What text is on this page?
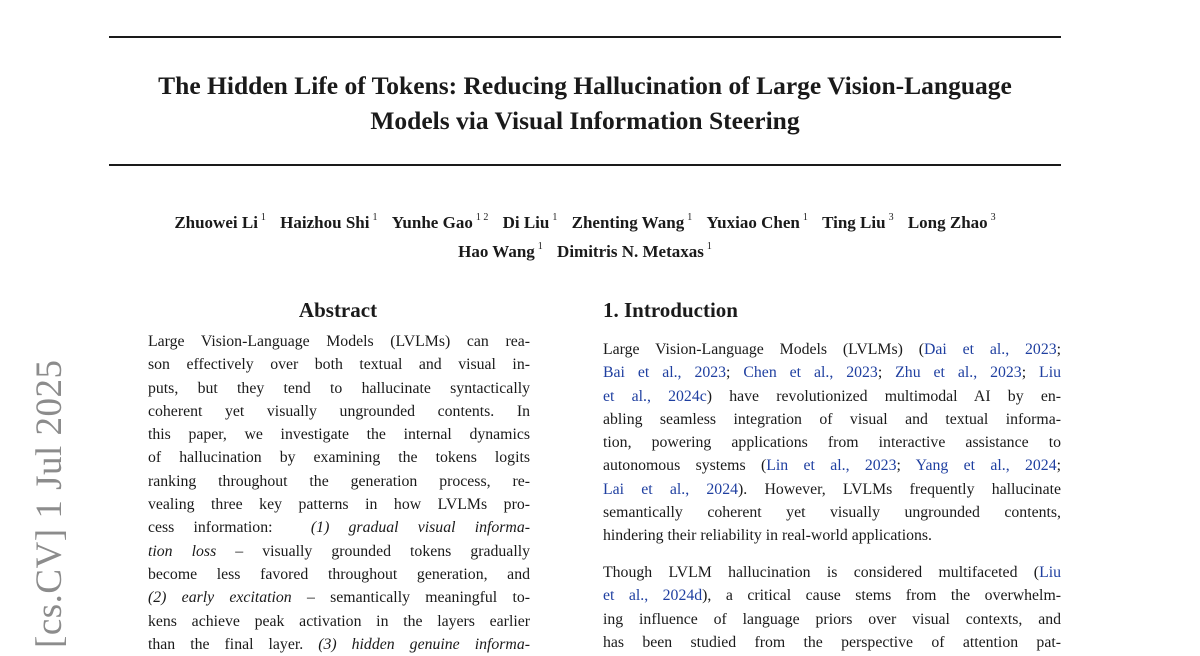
The Hidden Life of Tokens: Reducing Hallucination of Large Vision-Language
Models via Visual Information Steering
Zhuowei Li $^1$ Haizhou Shi $^1$ Yunhe Gao $^{1 2}$ Di Liu $^1$ Zhenting Wang $^1$ Yuxiao Chen $^1$ Ting Liu $^3$ Long Zhao $^3$
Hao Wang $^1$ Dimitris N. Metaxas $^1$
[cs.CV] 1 Jul 2025
Abstract
Large Vision-Language Models (LVLMs) can rea-
son effectively over both textual and visual in-
puts, but they tend to hallucinate syntactically
coherent yet visually ungrounded contents. In
this paper, we investigate the internal dynamics
of hallucination by examining the tokens logits
ranking throughout the generation process, re-
vealing three key patterns in how LVLMs pro-
cess information: (1) gradual visual informa-
tion loss – visually grounded tokens gradually
become less favored throughout generation, and
(2) early excitation – semantically meaningful to-
kens achieve peak activation in the layers earlier
than the final layer. (3) hidden genuine informa-
1. Introduction
Large Vision-Language Models (LVLMs) (Dai et al., 2023;
Bai et al., 2023; Chen et al., 2023; Zhu et al., 2023; Liu
et al., 2024c) have revolutionized multimodal AI by en-
abling seamless integration of visual and textual informa-
tion, powering applications from interactive assistance to
autonomous systems (Lin et al., 2023; Yang et al., 2024;
Lai et al., 2024). However, LVLMs frequently hallucinate
semantically coherent yet visually ungrounded contents,
hindering their reliability in real-world applications.
Though LVLM hallucination is considered multifaceted (Liu
et al., 2024d), a critical cause stems from the overwhelm-
ing influence of language priors over visual contexts, and
has been studied from the perspective of attention pat-
